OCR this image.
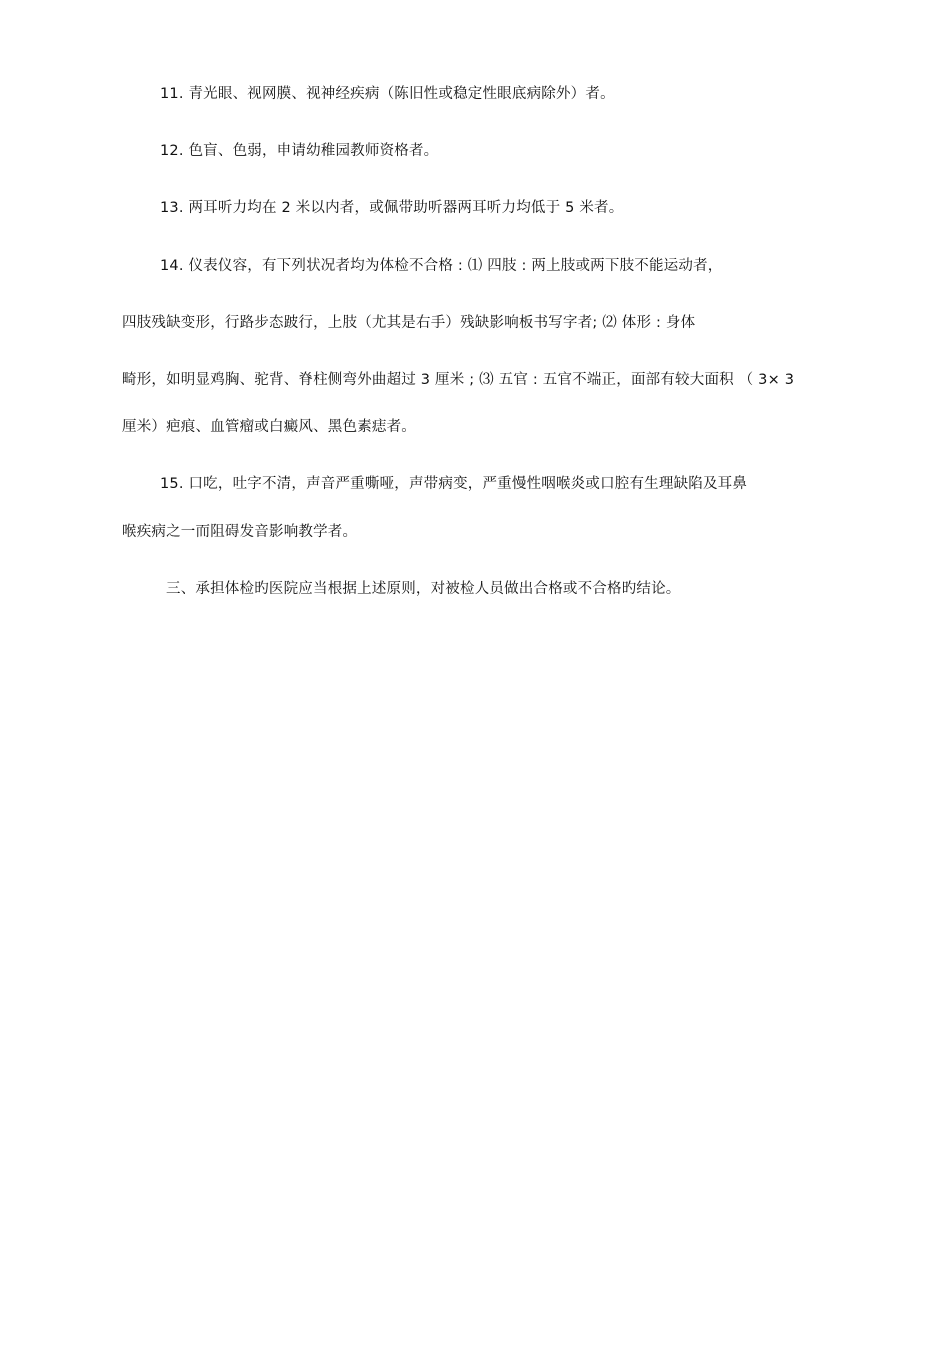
11. 青光眼、视网膜、视神经疾病（陈旧性或稳定性眼底病除外）者。
12. 色盲、色弱，申请幼稚园教师资格者。
13. 两耳听力均在 2 米以内者，或佩带助听器两耳听力均低于 5 米者。
14. 仪表仪容，有下列状况者均为体检不合格 : ⑴ 四肢 : 两上肢或两下肢不能运动者，
四肢残缺变形，行路步态跛行，上肢（尤其是右手）残缺影响板书写字者; ⑵ 体形 : 身体
畸形，如明显鸡胸、驼背、脊柱侧弯外曲超过 3 厘米 ; ⑶ 五官 : 五官不端正，面部有较大面积 （ 3× 3
厘米）疤痕、血管瘤或白癜风、黑色素痣者。
15. 口吃，吐字不清，声音严重嘶哑，声带病变，严重慢性咽喉炎或口腔有生理缺陷及耳鼻
喉疾病之一而阻碍发音影响教学者。
三、承担体检旳医院应当根据上述原则，对被检人员做出合格或不合格旳结论。
